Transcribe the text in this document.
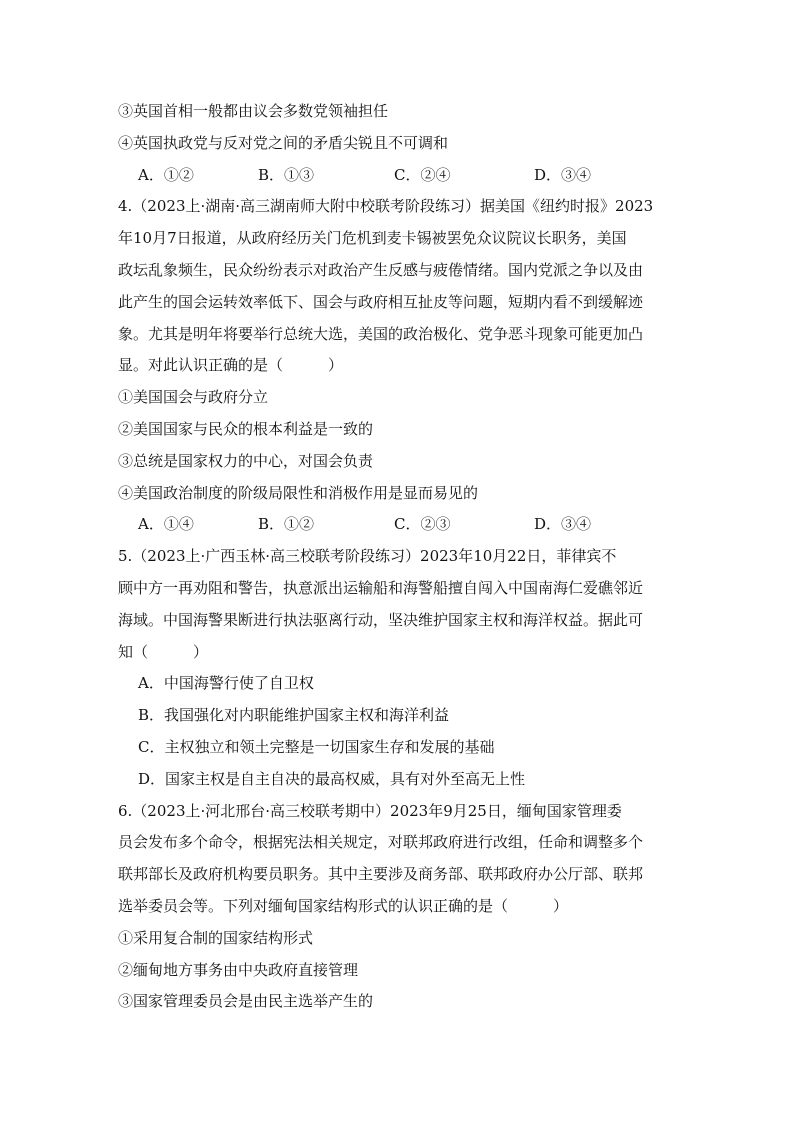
③英国首相一般都由议会多数党领袖担任
④英国执政党与反对党之间的矛盾尖锐且不可调和
A．①②	B．①③	C．②④	D．③④
4.（2023上·湖南·高三湖南师大附中校联考阶段练习）据美国《纽约时报》2023
年10月7日报道，从政府经历关门危机到麦卡锡被罢免众议院议长职务，美国
政坛乱象频生，民众纷纷表示对政治产生反感与疲倦情绪。国内党派之争以及由
此产生的国会运转效率低下、国会与政府相互扯皮等问题，短期内看不到缓解迹
象。尤其是明年将要举行总统大选，美国的政治极化、党争恶斗现象可能更加凸
显。对此认识正确的是（　　　）
①美国国会与政府分立
②美国国家与民众的根本利益是一致的
③总统是国家权力的中心，对国会负责
④美国政治制度的阶级局限性和消极作用是显而易见的
A．①④	B．①②	C．②③	D．③④
5.（2023上·广西玉林·高三校联考阶段练习）2023年10月22日，菲律宾不
顾中方一再劝阻和警告，执意派出运输船和海警船擅自闯入中国南海仁爱礁邻近
海域。中国海警果断进行执法驱离行动，坚决维护国家主权和海洋权益。据此可
知（　　　）
A．中国海警行使了自卫权
B．我国强化对内职能维护国家主权和海洋利益
C．主权独立和领土完整是一切国家生存和发展的基础
D．国家主权是自主自决的最高权威，具有对外至高无上性
6.（2023上·河北邢台·高三校联考期中）2023年9月25日，缅甸国家管理委
员会发布多个命令，根据宪法相关规定，对联邦政府进行改组，任命和调整多个
联邦部长及政府机构要员职务。其中主要涉及商务部、联邦政府办公厅部、联邦
选举委员会等。下列对缅甸国家结构形式的认识正确的是（　　　）
①采用复合制的国家结构形式
②缅甸地方事务由中央政府直接管理
③国家管理委员会是由民主选举产生的
